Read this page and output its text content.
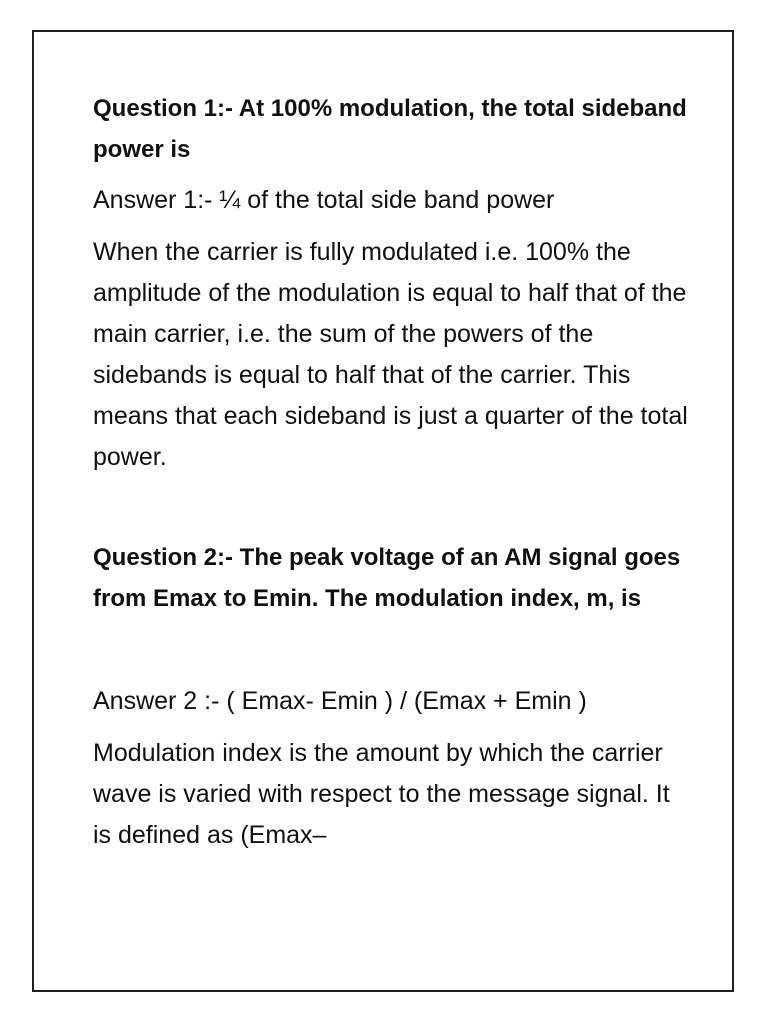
Question 1:- At 100% modulation, the total sideband power is

Answer 1:- ¼ of the total side band power

When the carrier is fully modulated i.e. 100% the amplitude of the modulation is equal to half that of the main carrier, i.e. the sum of the powers of the sidebands is equal to half that of the carrier. This means that each sideband is just a quarter of the total power.

Question 2:- The peak voltage of an AM signal goes from Emax to Emin. The modulation index, m, is

Answer 2 :- ( Emax- Emin ) / (Emax + Emin )

Modulation index is the amount by which the carrier wave is varied with respect to the message signal. It is defined as (Emax–
